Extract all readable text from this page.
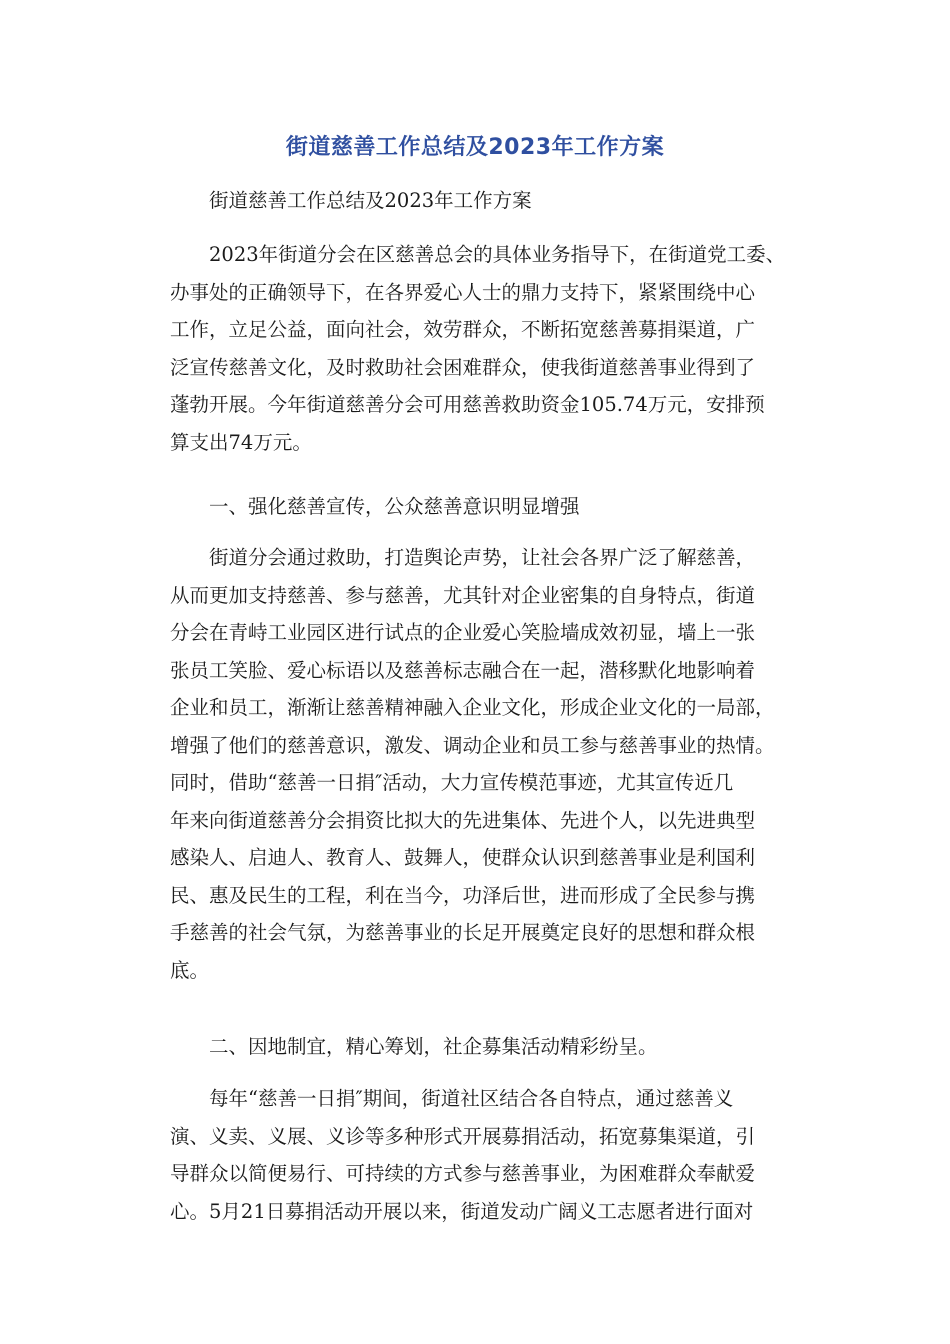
街道慈善工作总结及2023年工作方案
街道慈善工作总结及2023年工作方案
2023年街道分会在区慈善总会的具体业务指导下，在街道党工委、
办事处的正确领导下，在各界爱心人士的鼎力支持下，紧紧围绕中心
工作，立足公益，面向社会，效劳群众，不断拓宽慈善募捐渠道，广
泛宣传慈善文化，及时救助社会困难群众，使我街道慈善事业得到了
蓬勃开展。今年街道慈善分会可用慈善救助资金105.74万元，安排预
算支出74万元。
一、强化慈善宣传，公众慈善意识明显增强
街道分会通过救助，打造舆论声势，让社会各界广泛了解慈善，
从而更加支持慈善、参与慈善，尤其针对企业密集的自身特点，街道
分会在青峙工业园区进行试点的企业爱心笑脸墙成效初显，墙上一张
张员工笑脸、爱心标语以及慈善标志融合在一起，潜移默化地影响着
企业和员工，渐渐让慈善精神融入企业文化，形成企业文化的一局部，
增强了他们的慈善意识，激发、调动企业和员工参与慈善事业的热情。
同时，借助“慈善一日捐″活动，大力宣传模范事迹，尤其宣传近几
年来向街道慈善分会捐资比拟大的先进集体、先进个人，以先进典型
感染人、启迪人、教育人、鼓舞人，使群众认识到慈善事业是利国利
民、惠及民生的工程，利在当今，功泽后世，进而形成了全民参与携
手慈善的社会气氛，为慈善事业的长足开展奠定良好的思想和群众根
底。
二、因地制宜，精心筹划，社企募集活动精彩纷呈。
每年“慈善一日捐″期间，街道社区结合各自特点，通过慈善义
演、义卖、义展、义诊等多种形式开展募捐活动，拓宽募集渠道，引
导群众以简便易行、可持续的方式参与慈善事业，为困难群众奉献爱
心。5月21日募捐活动开展以来，街道发动广阔义工志愿者进行面对
